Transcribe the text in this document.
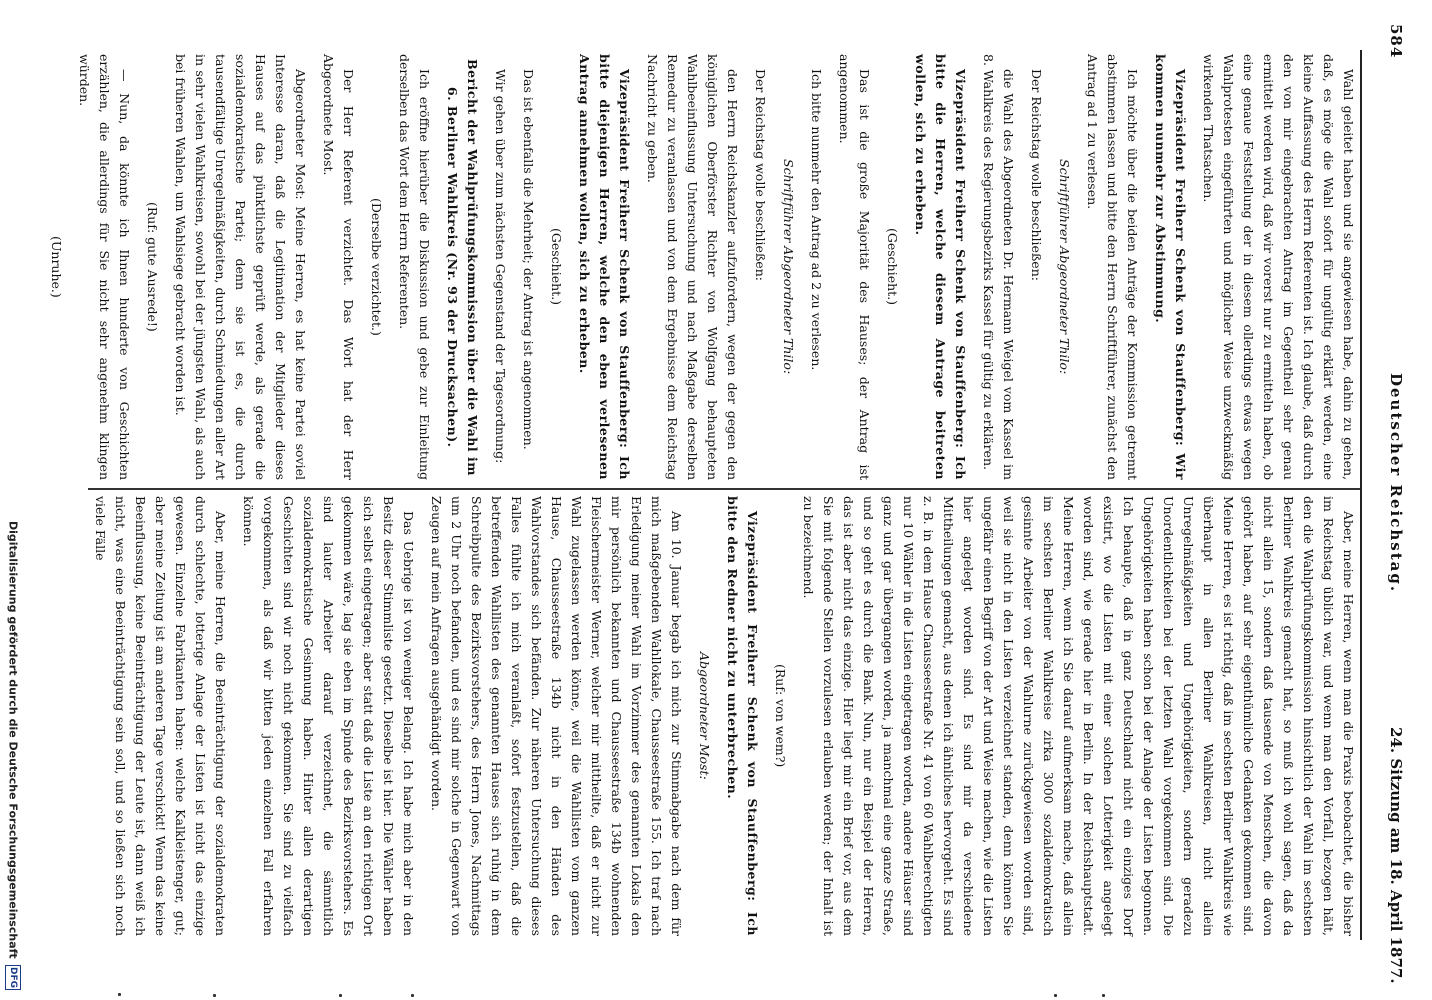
584
Deutscher Reichstag.
24. Sitzung am 18. April 1877.

Wahl geleitet haben und sie angewiesen habe, dahin zu gehen, daß, es möge die Wahl sofort für ungültig erklärt werden, eine kleine Auffassung des Herrn Referenten ist. Ich glaube, daß durch den von mir eingebrachten Antrag im Gegentheil sehr genau ermittelt werden wird, daß wir vorerst nur zu ermitteln haben, ob eine genaue Feststellung der in diesem ollerdings etwas wegen Wahlprotesten eingeführten und möglicher Weise unzweckmäßig wirkenden Thatsachen.

Vizepräsident Freiherr Schenk von Stauffenberg: Wir kommen nunmehr zur Abstimmung.

Ich möchte über die beiden Anträge der Kommission getrennt abstimmen lassen und bitte den Herrn Schriftführer, zunächst den Antrag ad 1 zu verlesen.

Schriftführer Abgeordneter Thilo:

Der Reichstag wolle beschließen:

die Wahl des Abgeordneten Dr. Hermann Weigel vom Kassel im 8. Wahlkreis des Regierungsbezirks Kassel für gültig zu erklären.

Vizepräsident Freiherr Schenk von Stauffenberg: Ich bitte die Herren, welche diesem Antrage beitreten wollen, sich zu erheben.

(Geschieht.)

Das ist die große Majorität des Hauses; der Antrag ist angenommen.

Ich bitte nunmehr den Antrag ad 2 zu verlesen.

Schriftführer Abgeordneter Thilo:

Der Reichstag wolle beschließen:

den Herrn Reichskanzler aufzufordern, wegen der gegen den königlichen Oberförster Richter von Wolfgang behaupteten Wahlbeeinflussung Untersuchung und nach Maßgabe derselben Remedur zu veranlassen und von dem Ergebnisse dem Reichstag Nachricht zu geben.

Vizepräsident Freiherr Schenk von Stauffenberg: Ich bitte diejenigen Herren, welche den eben verlesenen Antrag annehmen wollen, sich zu erheben.

(Geschieht.)

Das ist ebenfalls die Mehrheit; der Antrag ist angenommen.

Wir gehen über zum nächsten Gegenstand der Tagesordnung:

Bericht der Wahlprüfungskommission über die Wahl im 6. Berliner Wahlkreis (Nr. 93 der Drucksachen).

Ich eröffne hierüber die Diskussion und gebe zur Einleitung derselben das Wort dem Herrn Referenten.

(Derselbe verzichtet.)

Der Herr Referent verzichtet. Das Wort hat der Herr Abgeordnete Most.

Abgeordneter Most: Meine Herren, es hat keine Partei soviel Interesse daran, daß die Legitimation der Mitglieder dieses Hauses auf das pünktlichste geprüft werde, als gerade die sozialdemokratische Partei; denn sie ist es, die durch tausendfältige Unregelmäßigkeiten, durch Schmiedungen aller Art in sehr vielen Wahlkreisen, sowohl bei der jüngsten Wahl, als auch bei früheren Wahlen, um Wahlsiege gebracht worden ist.

(Ruf: gute Ausrede!)

— Nun, da könnte ich Ihnen hunderte von Geschichten erzählen, die allerdings für Sie nicht sehr angenehm klingen würden.

(Unruhe.)

Aber, meine Herren, wenn man die Praxis beobachtet, die bisher im Reichstag üblich war, und wenn man den Vorfall, bezogen hält, den die Wahlprüfungskommission hinsichtlich der Wahl im sechsten Berliner Wahlkreis gemacht hat, so muß ich wohl sagen, daß da nicht allein 15, sondern daß tausende von Menschen, die davon gehört haben, auf sehr eigenthümliche Gedanken gekommen sind. Meine Herren, es ist richtig, daß im sechsten Berliner Wahlkreis wie überhaupt in allen Berliner Wahlkreisen, nicht allein Unregelmäßigkeiten und Ungehörigkeiten, sondern geradezu Unordentlichkeiten bei der letzten Wahl vorgekommen sind. Die Ungehörigkeiten haben schon bei der Anlage der Listen begonnen. Ich behaupte, daß in ganz Deutschland nicht ein einziges Dorf existirt, wo die Listen mit einer solchen Lotterigkeit angelegt worden sind, wie gerade hier in Berlin. In der Reichshauptstadt. Meine Herren, wenn ich Sie darauf aufmerksam mache, daß allein im sechsten Berliner Wahlkreise zirka 3000 sozialdemokratisch gesinnte Arbeiter von der Wahlurne zurückgewiesen worden sind, weil sie nicht in den Listen verzeichnet standen, denn können Sie ungefähr einen Begriff von der Art und Weise machen, wie die Listen hier angelegt worden sind. Es sind mir da verschiedene Mittheilungen gemacht, aus denen ich ähnliches hervorgeht. Es sind z. B. in dem Hause Chausseestraße Nr. 41 von 60 Wahlberechtigten nur 10 Wähler in die Listen eingetragen worden, andere Häuser sind ganz und gar übergangen worden, ja manchmal eine ganze Straße, und so geht es durch die Bank. Nun, nur ein Beispiel der Herren, das ist aber nicht das einzige. Hier liegt mir ein Brief vor, aus dem Sie mit folgende Stellen vorzulesen erlauben werden; der Inhalt ist zu bezeichnend.

(Ruf: von wem?)

Vizepräsident Freiherr Schenk von Stauffenberg: Ich bitte den Redner nicht zu unterbrechen.

Abgeordneter Most:

Am 10. Januar begab ich mich zur Stimmabgabe nach dem für mich maßgebenden Wahllokale, Chausseestraße 155. Ich traf nach Erledigung meiner Wahl im Vorzimmer des genannten Lokals den mir persönlich bekannten und Chausseestraße 134b wohnenden Fleischermeister Werner, welcher mir mittheilte, daß er nicht zur Wahl zugelassen werden könne, weil die Wahllisten vom ganzen Hause, Chausseestraße 134b nicht in den Händen des Wahlvorstandes sich befänden. Zur näheren Untersuchung dieses Falles fühlte ich mich veranlaßt, sofort festzustellen, daß die betreffenden Wahllisten des genannten Hauses sich ruhig in dem Schreibpulte des Bezirksvorstehers, des Herrn Jones, Nachmittags um 2 Uhr noch befanden, und es sind mir solche in Gegenwart von Zeugen auf mein Anfragen ausgehändigt worden.

Das Uebrige ist von weniger Belang. Ich habe mich aber in den Besitz dieser Stimmliste gesetzt. Dieselbe ist hier. Die Wähler haben sich selbst eingetragen; aber statt daß die Liste an den richtigen Ort gekommen wäre, lag sie eben im Spinde des Bezirksvorstehers. Es sind lauter Arbeiter darauf verzeichnet, die sämmtlich sozialdemokratische Gesinnung haben. Hinter allen derartigen Geschichten sind wir noch nicht gekommen. Sie sind zu vielfach vorgekommen, als daß wir bitten jeden einzelnen Fall erfahren können.

Aber, meine Herren, die Beeinträchtigung der sozialdemokraten durch schlechte, lotterige Anlage der Listen ist nicht das einzige gewesen. Einzelne Fabrikanten haben: welche Kalkleistenger, gut; aber meine Zeitung ist am anderen Tage verschickt! Wenn das keine Beeinflussung, keine Beeinträchtigung der Leute ist, dann weiß ich nicht, was eine Beeinträchtigung sein soll, und so ließen sich noch viele Fälle

Digitalisierung gefördert durch die Deutsche Forschungsgemeinschaft
DFG
